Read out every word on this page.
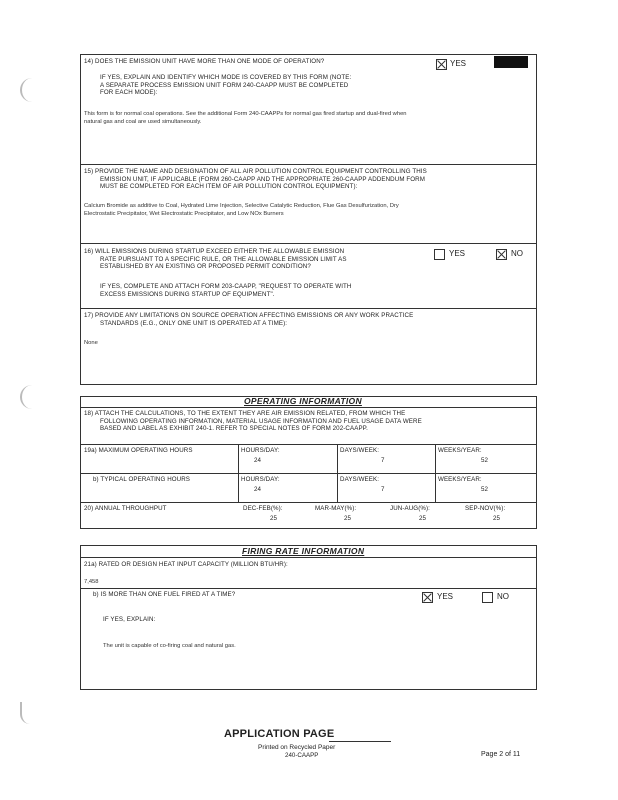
14) DOES THE EMISSION UNIT HAVE MORE THAN ONE MODE OF OPERATION?	YES
IF YES, EXPLAIN AND IDENTIFY WHICH MODE IS COVERED BY THIS FORM (NOTE:
A SEPARATE PROCESS EMISSION UNIT FORM 240-CAAPP MUST BE COMPLETED
FOR EACH MODE):
This form is for normal coal operations. See the additional Form 240-CAAPPs for normal gas fired startup and dual-fired when
natural gas and coal are used simultaneously.
15) PROVIDE THE NAME AND DESIGNATION OF ALL AIR POLLUTION CONTROL EQUIPMENT CONTROLLING THIS
EMISSION UNIT, IF APPLICABLE (FORM 260-CAAPP AND THE APPROPRIATE 260-CAAPP ADDENDUM FORM
MUST BE COMPLETED FOR EACH ITEM OF AIR POLLUTION CONTROL EQUIPMENT):
Calcium Bromide as additive to Coal, Hydrated Lime Injection, Selective Catalytic Reduction, Flue Gas Desulfurization, Dry
Electrostatic Precipitator, Wet Electrostatic Precipitator, and Low NOx Burners
16) WILL EMISSIONS DURING STARTUP EXCEED EITHER THE ALLOWABLE EMISSION
RATE PURSUANT TO A SPECIFIC RULE, OR THE ALLOWABLE EMISSION LIMIT AS
ESTABLISHED BY AN EXISTING OR PROPOSED PERMIT CONDITION?
YES	NO
IF YES, COMPLETE AND ATTACH FORM 203-CAAPP, "REQUEST TO OPERATE WITH
EXCESS EMISSIONS DURING STARTUP OF EQUIPMENT".
17) PROVIDE ANY LIMITATIONS ON SOURCE OPERATION AFFECTING EMISSIONS OR ANY WORK PRACTICE
STANDARDS (E.G., ONLY ONE UNIT IS OPERATED AT A TIME):
None
OPERATING INFORMATION
18) ATTACH THE CALCULATIONS, TO THE EXTENT THEY ARE AIR EMISSION RELATED, FROM WHICH THE
FOLLOWING OPERATING INFORMATION, MATERIAL USAGE INFORMATION AND FUEL USAGE DATA WERE
BASED AND LABEL AS EXHIBIT 240-1. REFER TO SPECIAL NOTES OF FORM 202-CAAPP.
19a) MAXIMUM OPERATING HOURS	HOURS/DAY:	DAYS/WEEK:	WEEKS/YEAR:
24	7	52
b) TYPICAL OPERATING HOURS	HOURS/DAY:	DAYS/WEEK:	WEEKS/YEAR:
24	7	52
20) ANNUAL THROUGHPUT	DEC-FEB(%):	MAR-MAY(%):	JUN-AUG(%):	SEP-NOV(%):
25	25	25	25
FIRING RATE INFORMATION
21a) RATED OR DESIGN HEAT INPUT CAPACITY (MILLION BTU/HR):
7,458
b) IS MORE THAN ONE FUEL FIRED AT A TIME?	YES	NO
IF YES, EXPLAIN:
The unit is capable of co-firing coal and natural gas.
APPLICATION PAGE
Printed on Recycled Paper
240-CAAPP	Page 2 of 11
